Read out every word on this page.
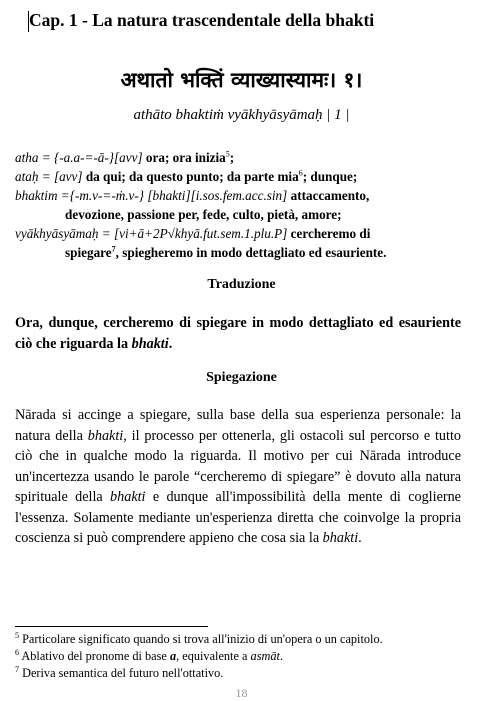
Cap. 1 - La natura trascendentale della bhakti
अथातो भक्तिं व्याख्यास्यामः। १।
athāto bhaktiṁ vyākhyāsyāmaḥ | 1 |
atha = {-a.a-=-ā-}[avv] ora; ora inizia$^5$;
ataḥ = [avv] da qui; da questo punto; da parte mia$^6$; dunque;
bhaktim ={-m.v-=-ṁ.v-} [bhakti][i.sos.fem.acc.sin] attaccamento,
devozione, passione per, fede, culto, pietà, amore;
vyākhyāsyāmaḥ = [vi+ā+2P√khyā.fut.sem.1.plu.P] cercheremo di
spiegare$^7$, spiegheremo in modo dettagliato ed esauriente.
Traduzione
Ora, dunque, cercheremo di spiegare in modo dettagliato ed esauriente ciò che riguarda la bhakti.
Spiegazione
Nārada si accinge a spiegare, sulla base della sua esperienza personale: la natura della bhakti, il processo per ottenerla, gli ostacoli sul percorso e tutto ciò che in qualche modo la riguarda. Il motivo per cui Nārada introduce un'incertezza usando le parole “cercheremo di spiegare” è dovuto alla natura spirituale della bhakti e dunque all'impossibilità della mente di coglierne l'essenza. Solamente mediante un'esperienza diretta che coinvolge la propria coscienza si può comprendere appieno che cosa sia la bhakti.
$^5$ Particolare significato quando si trova all'inizio di un'opera o un capitolo.
$^6$ Ablativo del pronome di base a, equivalente a asmāt.
$^7$ Deriva semantica del futuro nell'ottativo.
18
